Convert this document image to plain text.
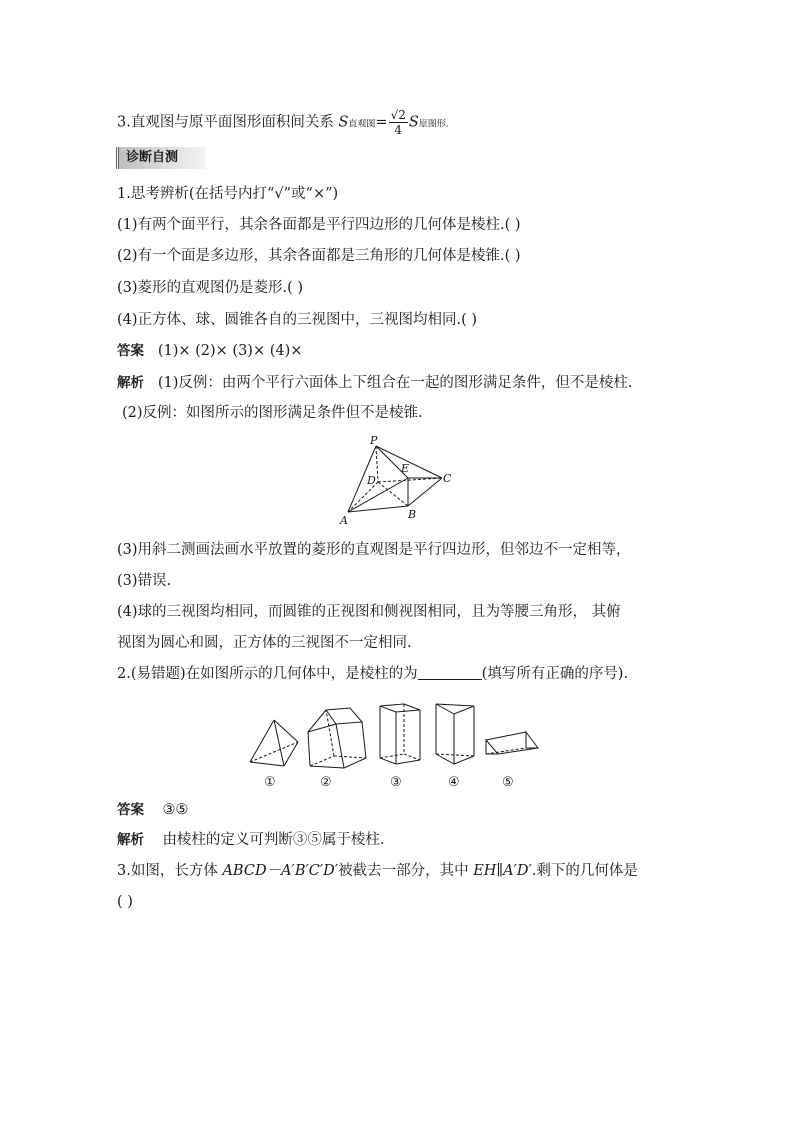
3.直观图与原平面图形面积间关系 S直观图= $\frac{√2}{4}$ S原图形.
诊断自测
1.思考辨析(在括号内打“√”或“×”)
(1)有两个面平行，其余各面都是平行四边形的几何体是棱柱.( )
(2)有一个面是多边形，其余各面都是三角形的几何体是棱锥.( )
(3)菱形的直观图仍是菱形.( )
(4)正方体、球、圆锥各自的三视图中，三视图均相同.( )
答案 (1)× (2)× (3)× (4)×
解析 (1)反例：由两个平行六面体上下组合在一起的图形满足条件，但不是棱柱.
(2)反例：如图所示的图形满足条件但不是棱锥.
P
E
D	C
A	B
(3)用斜二测画法画水平放置的菱形的直观图是平行四边形，但邻边不一定相等，
(3)错误.
(4)球的三视图均相同，而圆锥的正视图和侧视图相同，且为等腰三角形， 其俯
视图为圆心和圆，正方体的三视图不一定相同.
2.(易错题)在如图所示的几何体中，是棱柱的为	(填写所有正确的序号).
①	②	③	④	⑤
答案 ③⑤
解析 由棱柱的定义可判断③⑤属于棱柱.
3.如图，长方体 ABCD－A′B′C′D′被截去一部分，其中 EH∥A′D′.剩下的几何体是
( )
